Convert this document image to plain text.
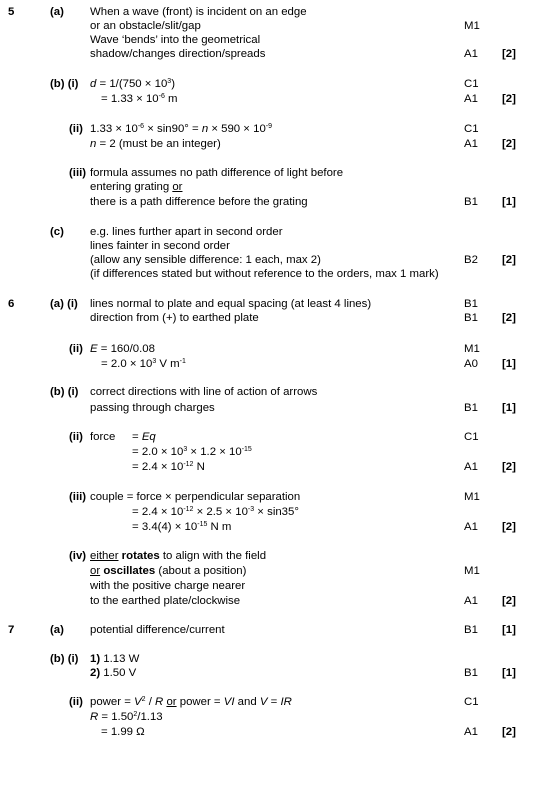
5	(a) When a wave (front) is incident on an edge
or an obstacle/slit/gap	M1
Wave ‘bends’ into the geometrical
shadow/changes direction/spreads	A1 [2]
(b) (i) $d = 1/(750 \times 10^3)$	C1
= $1.33 \times 10^{-6}$ m	A1 [2]
(ii) $1.33 \times 10^{-6} \times \sin 90^\circ = n \times 590 \times 10^{-9}$	C1
n = 2 (must be an integer)	A1 [2]
(iii) formula assumes no path difference of light before
entering grating or
there is a path difference before the grating	B1 [1]
(c) e.g. lines further apart in second order
lines fainter in second order
(allow any sensible difference: 1 each, max 2)	B2 [2]
(if differences stated but without reference to the orders, max 1 mark)
6	(a) (i) lines normal to plate and equal spacing (at least 4 lines)	B1
direction from (+) to earthed plate	B1 [2]
(ii) E = 160/0.08	M1
= $2.0 \times 10^3$ V $m^{-1}$	A0 [1]
(b) (i) correct directions with line of action of arrows
passing through charges	B1 [1]
(ii) force = Eq	C1
= $2.0 \times 10^3 \times 1.2 \times 10^{-15}$
= $2.4 \times 10^{-12}$ N	A1 [2]
(iii) couple = force × perpendicular separation	M1
= $2.4 \times 10^{-12} \times 2.5 \times 10^{-3} \times \sin 35^\circ$
= $3.4(4) \times 10^{-15}$ N m	A1 [2]
(iv) either rotates to align with the field
or oscillates (about a position)	M1
with the positive charge nearer
to the earthed plate/clockwise	A1 [2]
7	(a) potential difference/current	B1 [1]
(b) (i) 1) 1.13 W
2) 1.50 V	B1 [1]
(ii) power = $V^2$ / R or power = VI and V = IR	C1
$R = 1.50^2/1.13$
= 1.99 Ω	A1 [2]
